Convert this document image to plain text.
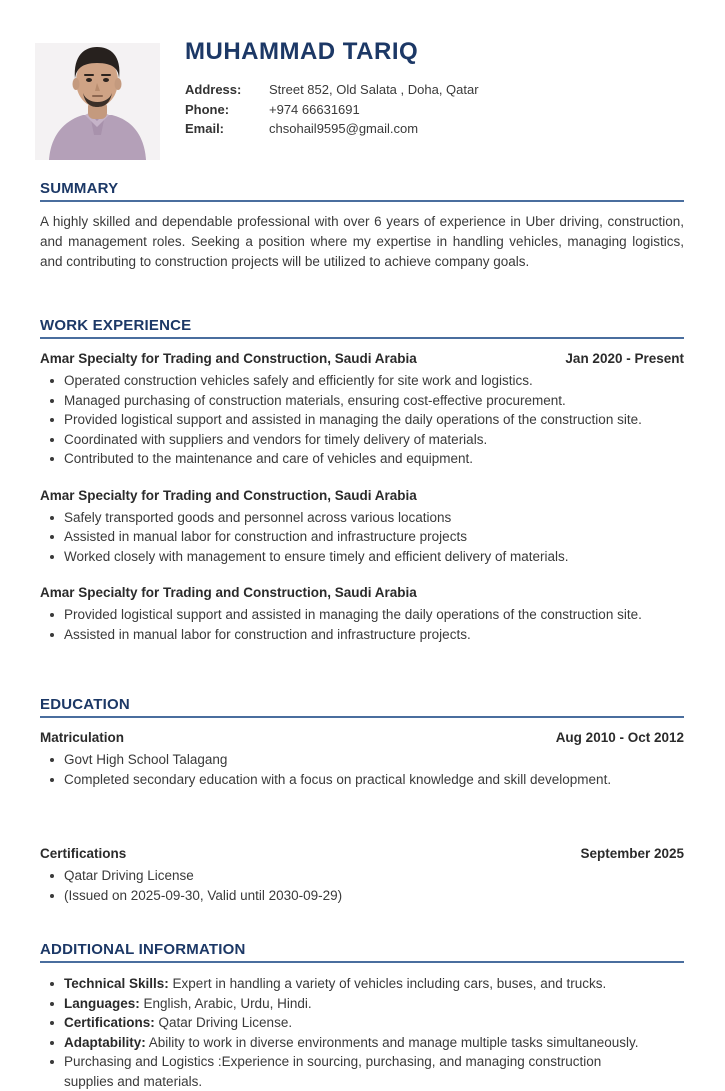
MUHAMMAD TARIQ
Address:	Street 852, Old Salata , Doha, Qatar
Phone:	+974 66631691
Email:	chsohail9595@gmail.com
SUMMARY

A highly skilled and dependable professional with over 6 years of experience in Uber driving, construction, and management roles. Seeking a position where my expertise in handling vehicles, managing logistics, and contributing to construction projects will be utilized to achieve company goals.

WORK EXPERIENCE
Amar Specialty for Trading and Construction, Saudi Arabia	Jan 2020 - Present
Operated construction vehicles safely and efficiently for site work and logistics.
Managed purchasing of construction materials, ensuring cost-effective procurement.
Provided logistical support and assisted in managing the daily operations of the construction site.
Coordinated with suppliers and vendors for timely delivery of materials.
Contributed to the maintenance and care of vehicles and equipment.
Amar Specialty for Trading and Construction, Saudi Arabia
Safely transported goods and personnel across various locations
Assisted in manual labor for construction and infrastructure projects
Worked closely with management to ensure timely and efficient delivery of materials.
Amar Specialty for Trading and Construction, Saudi Arabia
Provided logistical support and assisted in managing the daily operations of the construction site.
Assisted in manual labor for construction and infrastructure projects.
EDUCATION
Matriculation	Aug 2010 - Oct 2012
Govt High School Talagang
Completed secondary education with a focus on practical knowledge and skill development.
Certifications	September 2025
Qatar Driving License
(Issued on 2025-09-30, Valid until 2030-09-29)
ADDITIONAL INFORMATION
Technical Skills: Expert in handling a variety of vehicles including cars, buses, and trucks.
Languages: English, Arabic, Urdu, Hindi.
Certifications: Qatar Driving License.
Adaptability: Ability to work in diverse environments and manage multiple tasks simultaneously.
Purchasing and Logistics :Experience in sourcing, purchasing, and managing construction supplies and materials.
